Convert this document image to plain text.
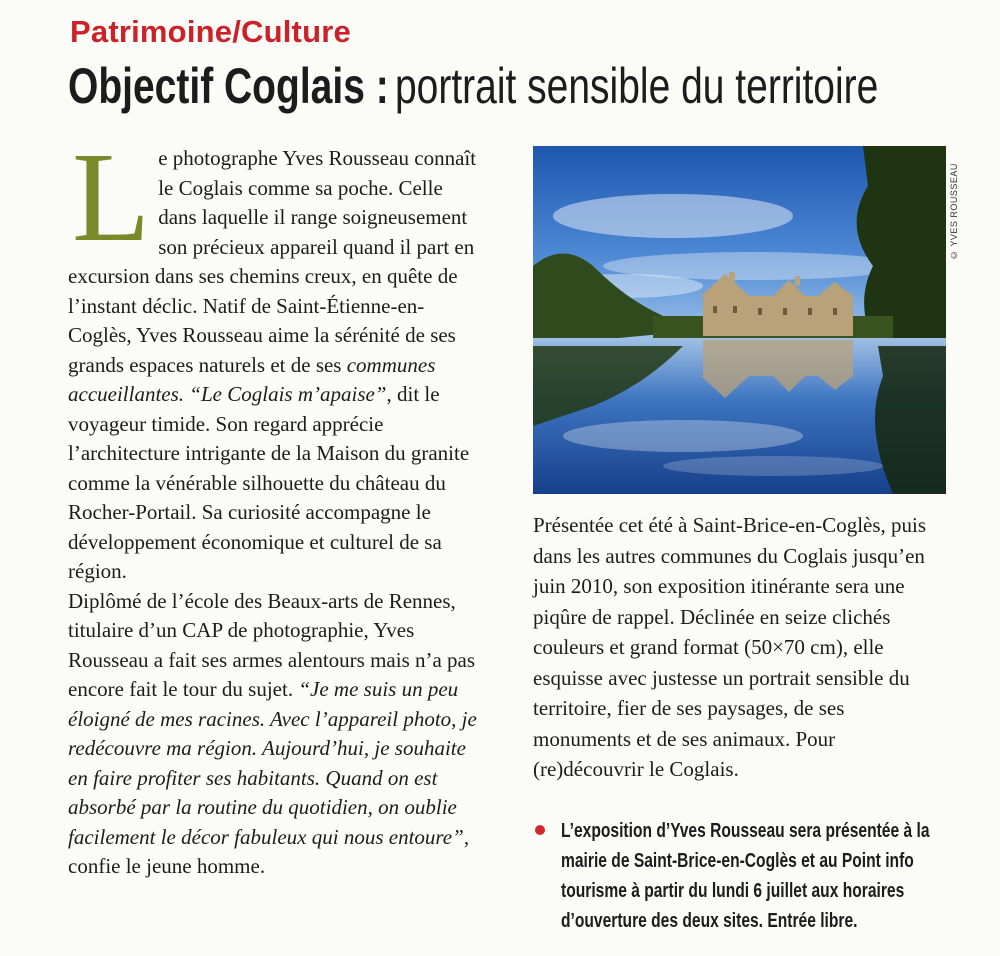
Patrimoine/Culture
Objectif Coglais : portrait sensible du territoire

Le photographe Yves Rousseau connaît le Coglais comme sa poche. Celle dans laquelle il range soigneusement son précieux appareil quand il part en excursion dans ses chemins creux, en quête de l’instant déclic. Natif de Saint-Étienne-en-Coglès, Yves Rousseau aime la sérénité de ses grands espaces naturels et de ses communes accueillantes. “Le Coglais m’apaise”, dit le voyageur timide. Son regard apprécie l’architecture intrigante de la Maison du granite comme la vénérable silhouette du château du Rocher-Portail. Sa curiosité accompagne le développement économique et culturel de sa région.

Diplômé de l’école des Beaux-arts de Rennes, titulaire d’un CAP de photographie, Yves Rousseau a fait ses armes alentours mais n’a pas encore fait le tour du sujet. “Je me suis un peu éloigné de mes racines. Avec l’appareil photo, je redécouvre ma région. Aujourd’hui, je souhaite en faire profiter ses habitants. Quand on est absorbé par la routine du quotidien, on oublie facilement le décor fabuleux qui nous entoure”, confie le jeune homme.

© YVES ROUSSEAU

Présentée cet été à Saint-Brice-en-Coglès, puis dans les autres communes du Coglais jusqu’en juin 2010, son exposition itinérante sera une piqûre de rappel. Déclinée en seize clichés couleurs et grand format (50×70 cm), elle esquisse avec justesse un portrait sensible du territoire, fier de ses paysages, de ses monuments et de ses animaux. Pour (re)découvrir le Coglais.

L’exposition d’Yves Rousseau sera présentée à la mairie de Saint-Brice-en-Coglès et au Point info tourisme à partir du lundi 6 juillet aux horaires d’ouverture des deux sites. Entrée libre.
